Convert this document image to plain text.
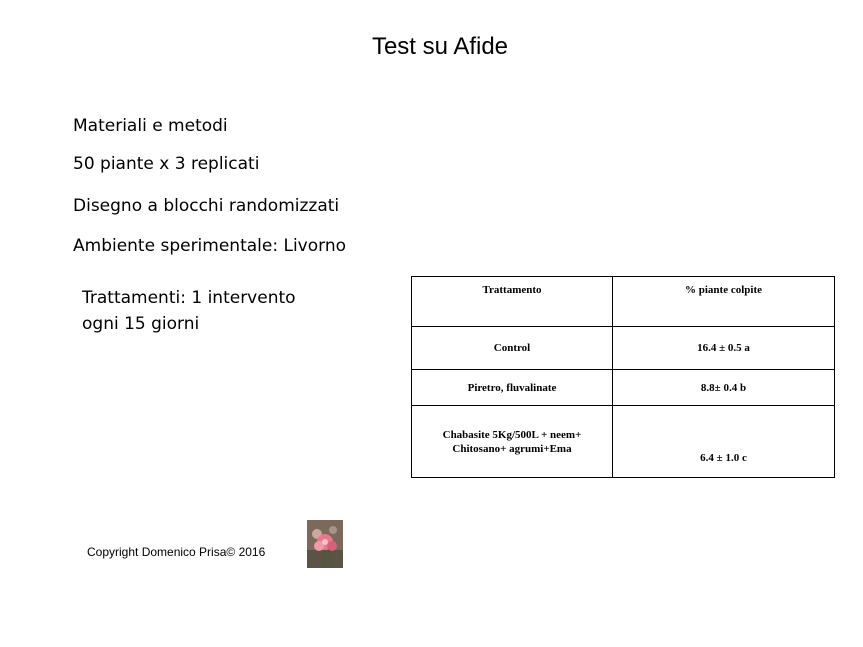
Test su Afide
Materiali e metodi
50 piante x 3 replicati
Disegno a blocchi randomizzati
Ambiente sperimentale: Livorno
Trattamenti: 1 intervento
ogni 15 giorni
Trattamento	% piante colpite
Control	16.4 ± 0.5 a
Piretro, fluvalinate	8.8± 0.4 b

Chabasite 5Kg/500L + neem+
Chitosano+ agrumi+Ema	6.4 ± 1.0 c
Copyright Domenico Prisa© 2016
